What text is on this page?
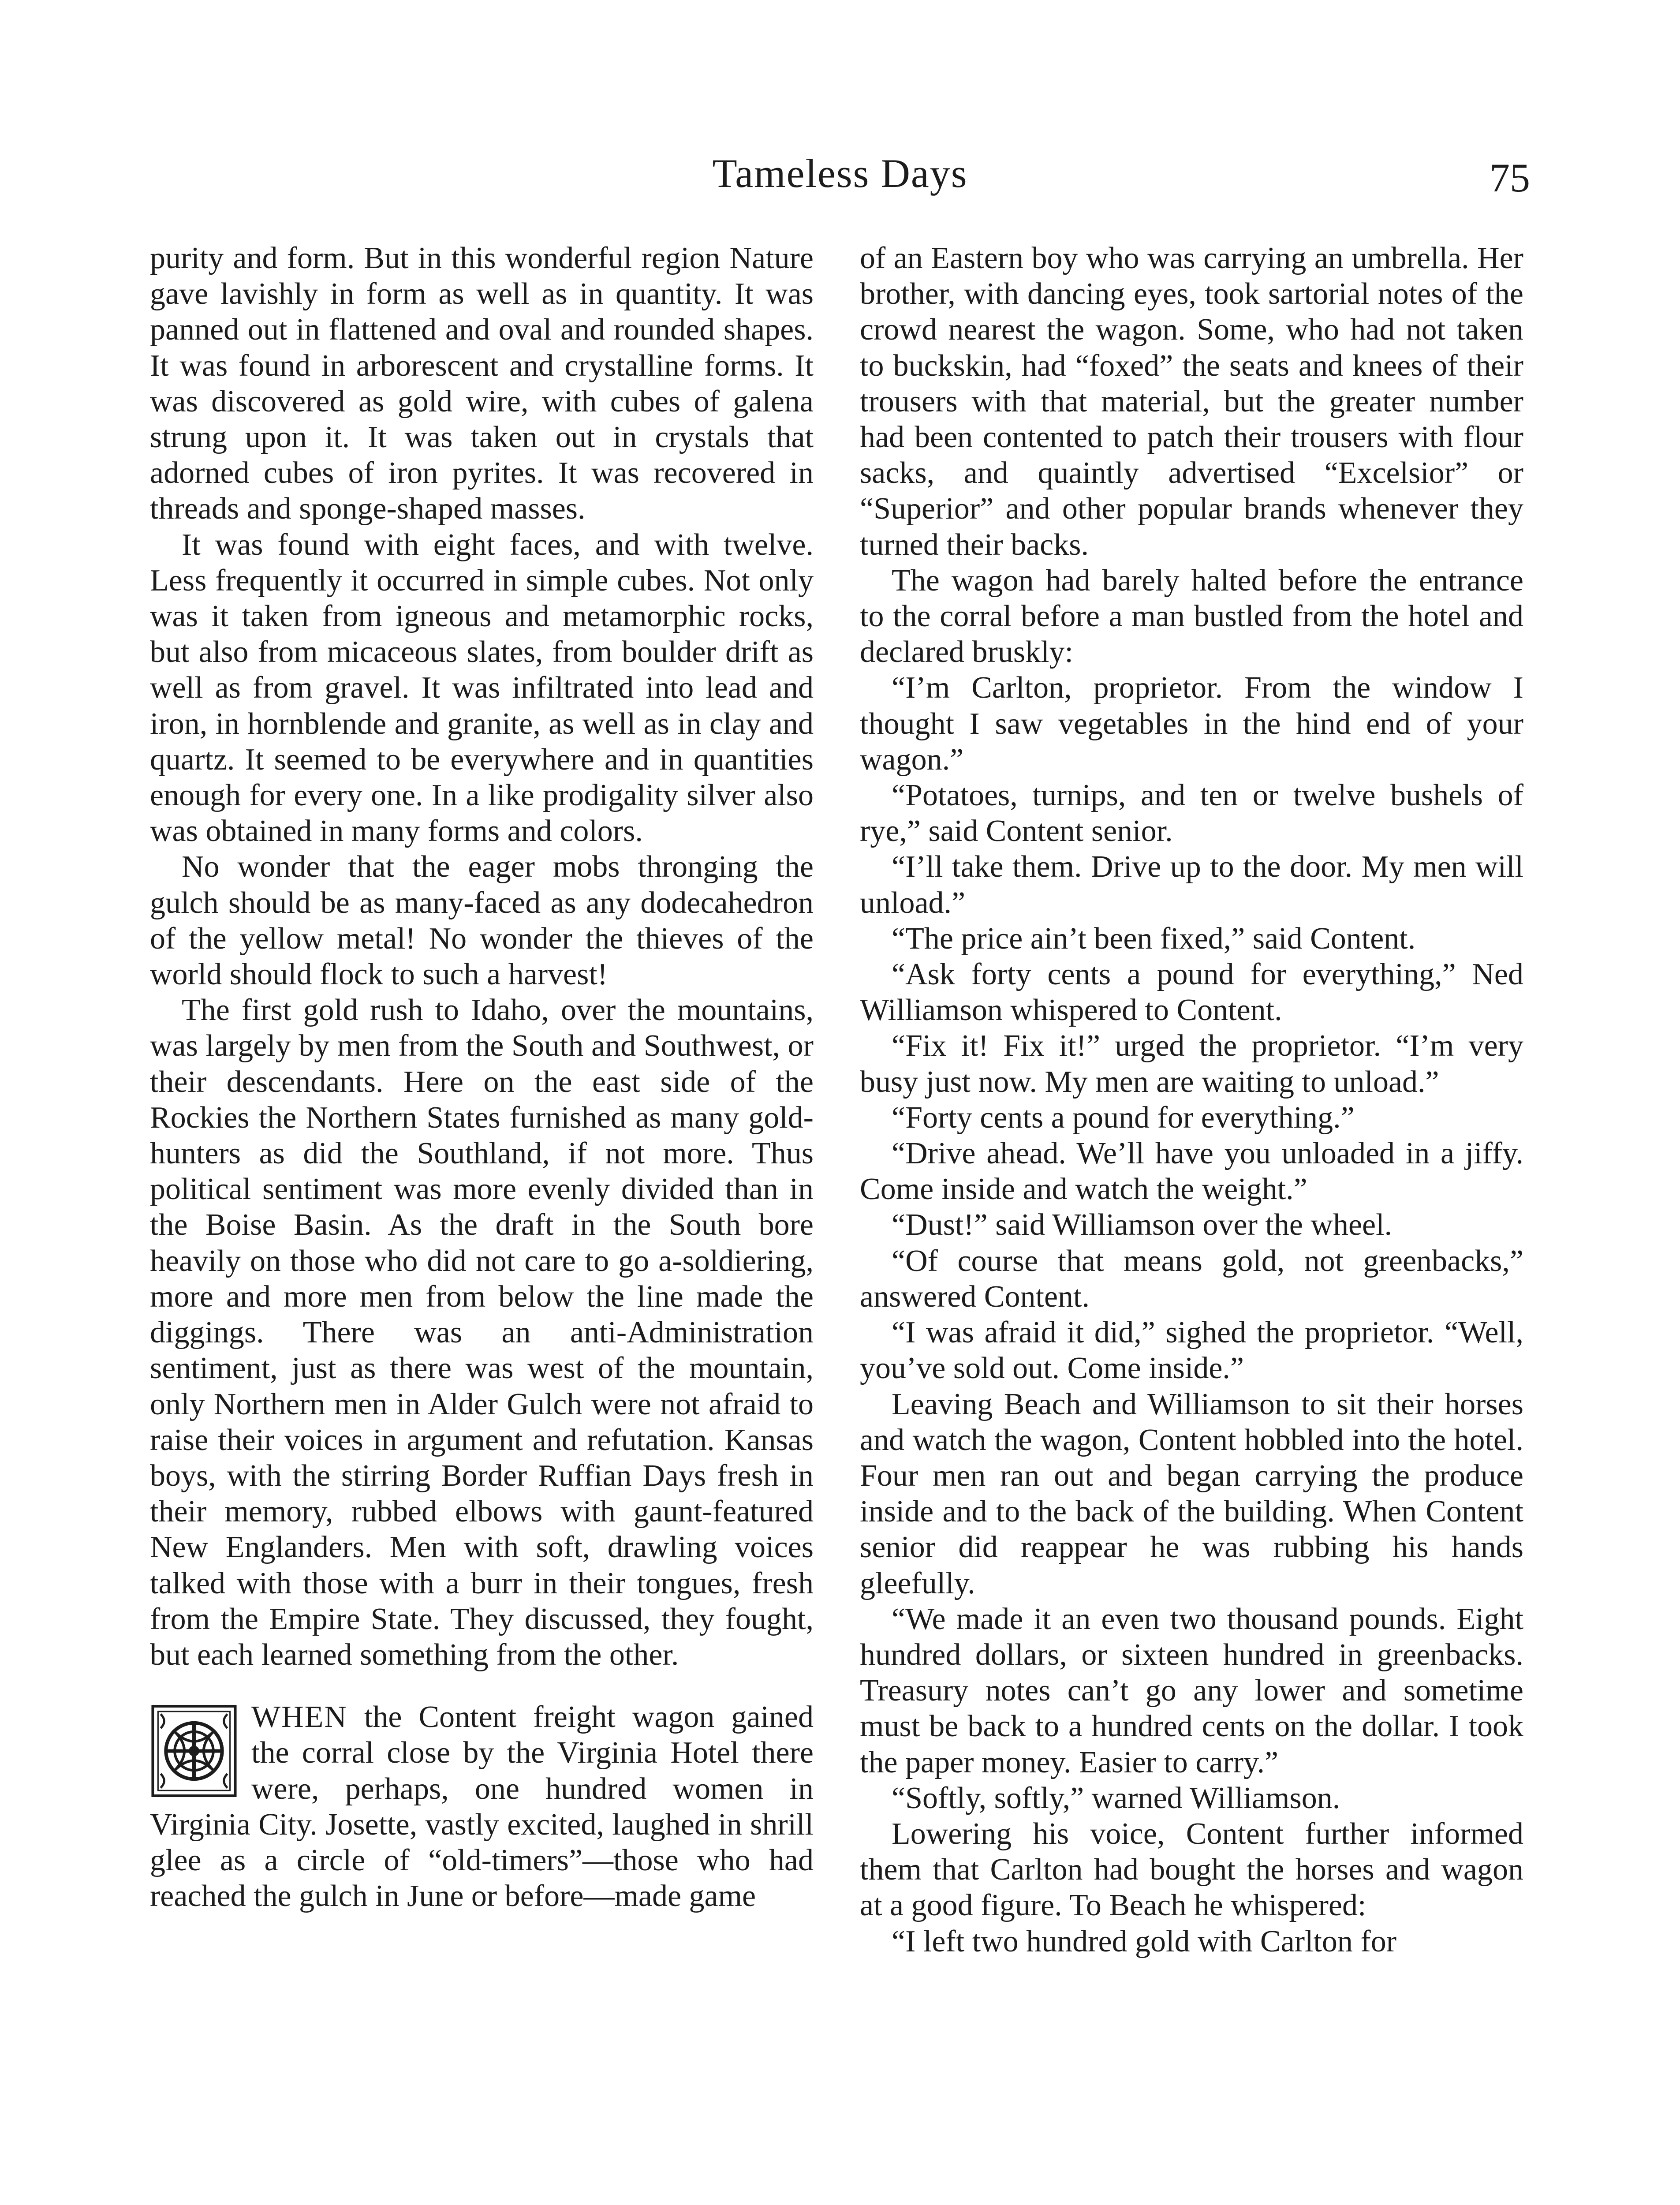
Tameless Days	75

purity and form. But in this wonderful region Nature gave lavishly in form as well as in quantity. It was panned out in flattened and oval and rounded shapes. It was found in arborescent and crystalline forms. It was discovered as gold wire, with cubes of galena strung upon it. It was taken out in crystals that adorned cubes of iron pyrites. It was recovered in threads and sponge-shaped masses.

It was found with eight faces, and with twelve. Less frequently it occurred in simple cubes. Not only was it taken from igneous and metamorphic rocks, but also from micaceous slates, from boulder drift as well as from gravel. It was infiltrated into lead and iron, in hornblende and granite, as well as in clay and quartz. It seemed to be everywhere and in quantities enough for every one. In a like prodigality silver also was obtained in many forms and colors.

No wonder that the eager mobs thronging the gulch should be as many-faced as any dodecahedron of the yellow metal! No wonder the thieves of the world should flock to such a harvest!

The first gold rush to Idaho, over the mountains, was largely by men from the South and Southwest, or their descendants. Here on the east side of the Rockies the Northern States furnished as many gold-hunters as did the Southland, if not more. Thus political sentiment was more evenly divided than in the Boise Basin. As the draft in the South bore heavily on those who did not care to go a-soldiering, more and more men from below the line made the diggings. There was an anti-Administration sentiment, just as there was west of the mountain, only Northern men in Alder Gulch were not afraid to raise their voices in argument and refutation. Kansas boys, with the stirring Border Ruffian Days fresh in their memory, rubbed elbows with gaunt-featured New Englanders. Men with soft, drawling voices talked with those with a burr in their tongues, fresh from the Empire State. They discussed, they fought, but each learned something from the other.

WHEN the Content freight wagon gained the corral close by the Virginia Hotel there were, perhaps, one hundred women in Virginia City. Josette, vastly excited, laughed in shrill glee as a circle of “old-timers”—those who had reached the gulch in June or before—made game

of an Eastern boy who was carrying an umbrella. Her brother, with dancing eyes, took sartorial notes of the crowd nearest the wagon. Some, who had not taken to buckskin, had “foxed” the seats and knees of their trousers with that material, but the greater number had been contented to patch their trousers with flour sacks, and quaintly advertised “Excelsior” or “Superior” and other popular brands whenever they turned their backs.

The wagon had barely halted before the entrance to the corral before a man bustled from the hotel and declared bruskly:

“I’m Carlton, proprietor. From the window I thought I saw vegetables in the hind end of your wagon.”

“Potatoes, turnips, and ten or twelve bushels of rye,” said Content senior.

“I’ll take them. Drive up to the door. My men will unload.”

“The price ain’t been fixed,” said Content.

“Ask forty cents a pound for everything,” Ned Williamson whispered to Content.

“Fix it! Fix it!” urged the proprietor. “I’m very busy just now. My men are waiting to unload.”

“Forty cents a pound for everything.”

“Drive ahead. We’ll have you unloaded in a jiffy. Come inside and watch the weight.”

“Dust!” said Williamson over the wheel.

“Of course that means gold, not greenbacks,” answered Content.

“I was afraid it did,” sighed the proprietor. “Well, you’ve sold out. Come inside.”

Leaving Beach and Williamson to sit their horses and watch the wagon, Content hobbled into the hotel. Four men ran out and began carrying the produce inside and to the back of the building. When Content senior did reappear he was rubbing his hands gleefully.

“We made it an even two thousand pounds. Eight hundred dollars, or sixteen hundred in greenbacks. Treasury notes can’t go any lower and sometime must be back to a hundred cents on the dollar. I took the paper money. Easier to carry.”

“Softly, softly,” warned Williamson.

Lowering his voice, Content further informed them that Carlton had bought the horses and wagon at a good figure. To Beach he whispered:

“I left two hundred gold with Carlton for
